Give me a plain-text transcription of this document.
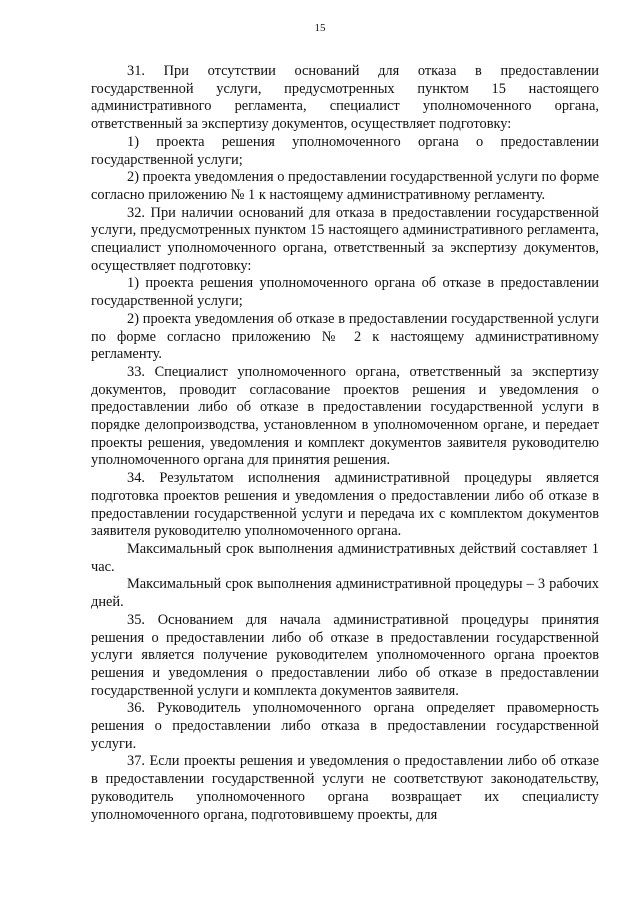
15

31. При отсутствии оснований для отказа в предоставлении государственной услуги, предусмотренных пунктом 15 настоящего административного регламента, специалист уполномоченного органа, ответственный за экспертизу документов, осуществляет подготовку:

1) проекта решения уполномоченного органа о предоставлении государственной услуги;

2) проекта уведомления о предоставлении государственной услуги по форме согласно приложению № 1 к настоящему административному регламенту.

32. При наличии оснований для отказа в предоставлении государственной услуги, предусмотренных пунктом 15 настоящего административного регламента, специалист уполномоченного органа, ответственный за экспертизу документов, осуществляет подготовку:

1) проекта решения уполномоченного органа об отказе в предоставлении государственной услуги;

2) проекта уведомления об отказе в предоставлении государственной услуги по форме согласно приложению № 2 к настоящему административному регламенту.

33. Специалист уполномоченного органа, ответственный за экспертизу документов, проводит согласование проектов решения и уведомления о предоставлении либо об отказе в предоставлении государственной услуги в порядке делопроизводства, установленном в уполномоченном органе, и передает проекты решения, уведомления и комплект документов заявителя руководителю уполномоченного органа для принятия решения.

34. Результатом исполнения административной процедуры является подготовка проектов решения и уведомления о предоставлении либо об отказе в предоставлении государственной услуги и передача их с комплектом документов заявителя руководителю уполномоченного органа.

Максимальный срок выполнения административных действий составляет 1 час.

Максимальный срок выполнения административной процедуры – 3 рабочих дней.

35. Основанием для начала административной процедуры принятия решения о предоставлении либо об отказе в предоставлении государственной услуги является получение руководителем уполномоченного органа проектов решения и уведомления о предоставлении либо об отказе в предоставлении государственной услуги и комплекта документов заявителя.

36. Руководитель уполномоченного органа определяет правомерность решения о предоставлении либо отказа в предоставлении государственной услуги.

37. Если проекты решения и уведомления о предоставлении либо об отказе в предоставлении государственной услуги не соответствуют законодательству, руководитель уполномоченного органа возвращает их специалисту уполномоченного органа, подготовившему проекты, для
